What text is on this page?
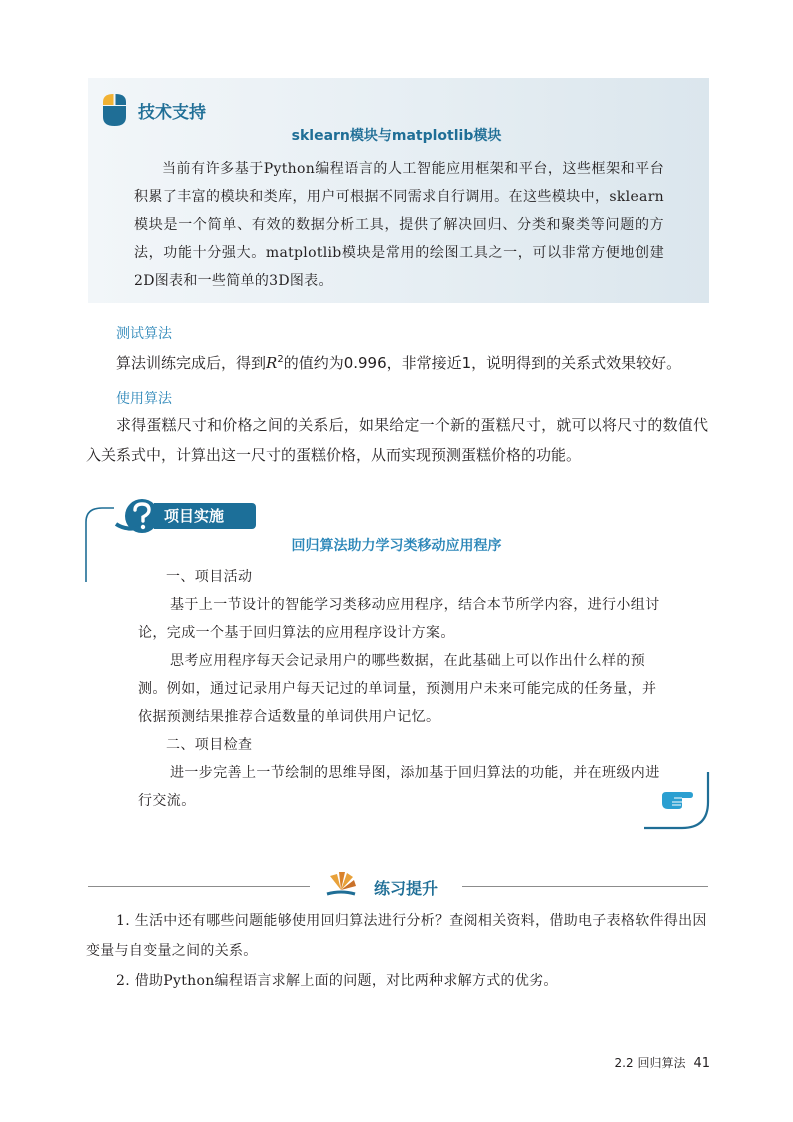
技术支持
sklearn模块与matplotlib模块
当前有许多基于Python编程语言的人工智能应用框架和平台，这些框架和平台积累了丰富的模块和类库，用户可根据不同需求自行调用。在这些模块中，sklearn模块是一个简单、有效的数据分析工具，提供了解决回归、分类和聚类等问题的方法，功能十分强大。matplotlib模块是常用的绘图工具之一，可以非常方便地创建2D图表和一些简单的3D图表。
测试算法
算法训练完成后，得到$R^2$的值约为0.996，非常接近1，说明得到的关系式效果较好。
使用算法
求得蛋糕尺寸和价格之间的关系后，如果给定一个新的蛋糕尺寸，就可以将尺寸的数值代入关系式中，计算出这一尺寸的蛋糕价格，从而实现预测蛋糕价格的功能。
项目实施
回归算法助力学习类移动应用程序
一、项目活动
基于上一节设计的智能学习类移动应用程序，结合本节所学内容，进行小组讨论，完成一个基于回归算法的应用程序设计方案。
思考应用程序每天会记录用户的哪些数据，在此基础上可以作出什么样的预测。例如，通过记录用户每天记过的单词量，预测用户未来可能完成的任务量，并依据预测结果推荐合适数量的单词供用户记忆。
二、项目检查
进一步完善上一节绘制的思维导图，添加基于回归算法的功能，并在班级内进行交流。
练习提升
1. 生活中还有哪些问题能够使用回归算法进行分析？查阅相关资料，借助电子表格软件得出因变量与自变量之间的关系。
2. 借助Python编程语言求解上面的问题，对比两种求解方式的优劣。
2.2 回归算法 41
